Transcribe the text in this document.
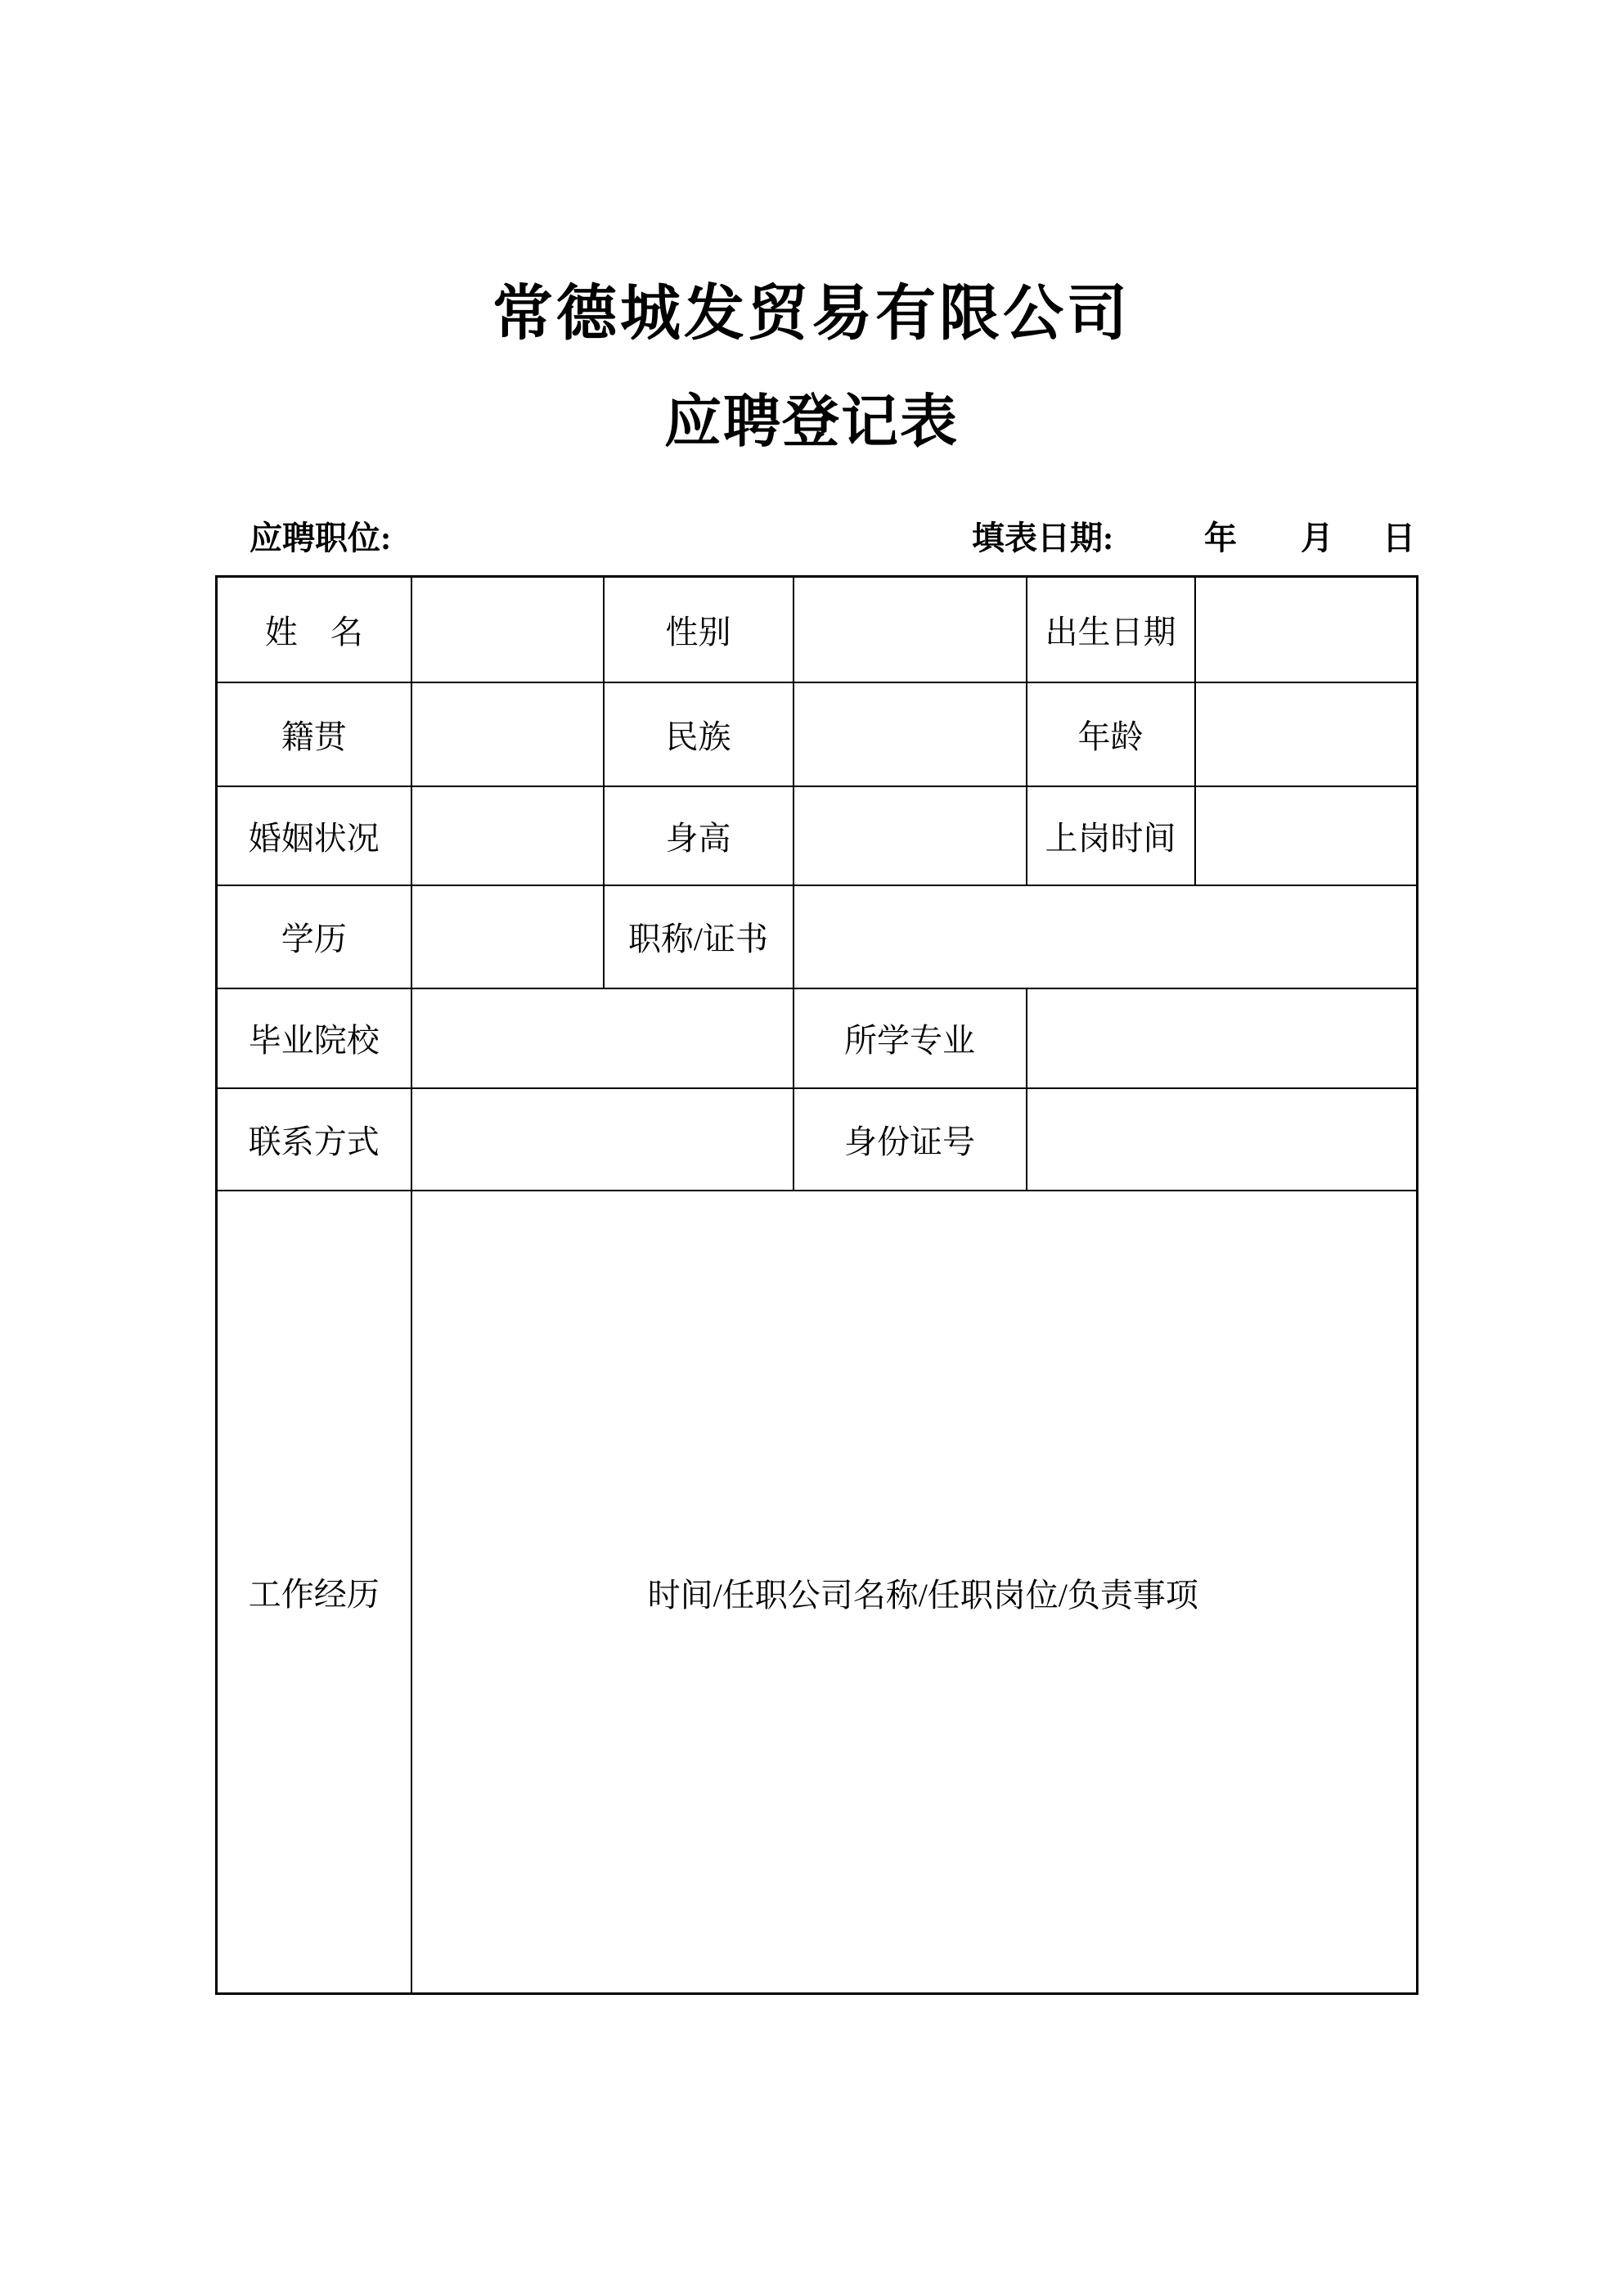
常德城发贸易有限公司
应聘登记表
应聘职位:	填表日期:	年 月 日
姓　名		性别		出生日期	
籍贯		民族		年龄	
婚姻状况		身高		上岗时间	
学历		职称/证书			
毕业院校			所学专业		
联系方式			身份证号		
工作经历	时间/任职公司名称/任职岗位/负责事项				
